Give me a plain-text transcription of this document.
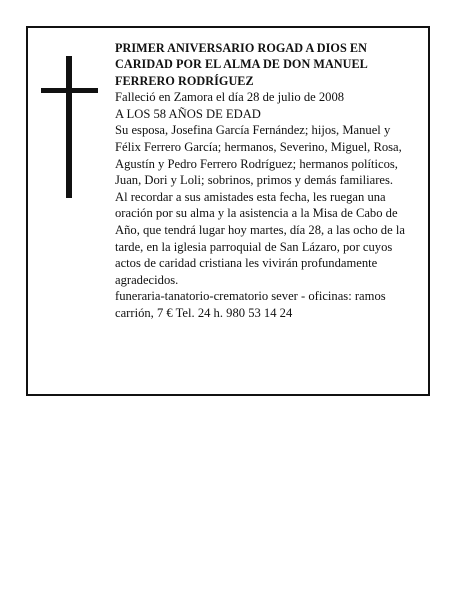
PRIMER ANIVERSARIO ROGAD A DIOS EN CARIDAD POR EL ALMA DE DON MANUEL FERRERO RODRÍGUEZ

Falleció en Zamora el día 28 de julio de 2008

A LOS 58 AÑOS DE EDAD

Su esposa, Josefina García Fernández; hijos, Manuel y Félix Ferrero García; hermanos, Severino, Miguel, Rosa, Agustín y Pedro Ferrero Rodríguez; hermanos políticos, Juan, Dori y Loli; sobrinos, primos y demás familiares.

Al recordar a sus amistades esta fecha, les ruegan una oración por su alma y la asistencia a la Misa de Cabo de Año, que tendrá lugar hoy martes, día 28, a las ocho de la tarde, en la iglesia parroquial de San Lázaro, por cuyos actos de caridad cristiana les vivirán profundamente agradecidos.

funeraria-tanatorio-crematorio sever - oficinas: ramos carrión, 7 € Tel. 24 h. 980 53 14 24
